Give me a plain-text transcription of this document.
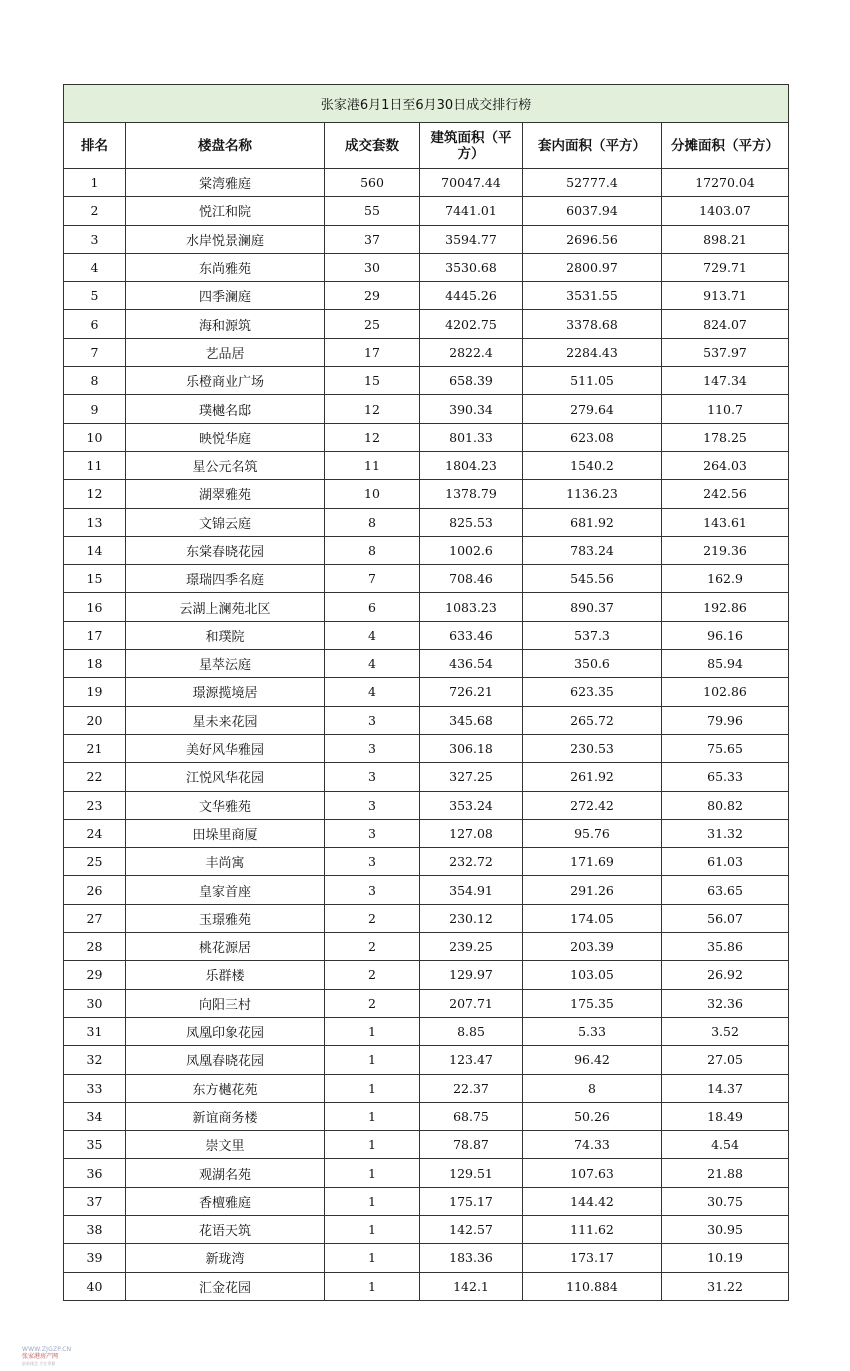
张家港6月1日至6月30日成交排行榜					
排名	楼盘名称	成交套数	建筑面积（平方）	套内面积（平方）	分摊面积（平方）
1	棠湾雅庭	560	70047.44	52777.4	17270.04
2	悦江和院	55	7441.01	6037.94	1403.07
3	水岸悦景澜庭	37	3594.77	2696.56	898.21
4	东尚雅苑	30	3530.68	2800.97	729.71
5	四季澜庭	29	4445.26	3531.55	913.71
6	海和源筑	25	4202.75	3378.68	824.07
7	艺品居	17	2822.4	2284.43	537.97
8	乐橙商业广场	15	658.39	511.05	147.34
9	璞樾名邸	12	390.34	279.64	110.7
10	映悦华庭	12	801.33	623.08	178.25
11	星公元名筑	11	1804.23	1540.2	264.03
12	湖翠雅苑	10	1378.79	1136.23	242.56
13	文锦云庭	8	825.53	681.92	143.61
14	东棠春晓花园	8	1002.6	783.24	219.36
15	璟瑞四季名庭	7	708.46	545.56	162.9
16	云湖上澜苑北区	6	1083.23	890.37	192.86
17	和璞院	4	633.46	537.3	96.16
18	星萃沄庭	4	436.54	350.6	85.94
19	璟源揽境居	4	726.21	623.35	102.86
20	星未来花园	3	345.68	265.72	79.96
21	美好风华雅园	3	306.18	230.53	75.65
22	江悦风华花园	3	327.25	261.92	65.33
23	文华雅苑	3	353.24	272.42	80.82
24	田垛里商厦	3	127.08	95.76	31.32
25	丰尚寓	3	232.72	171.69	61.03
26	皇家首座	3	354.91	291.26	63.65
27	玉璟雅苑	2	230.12	174.05	56.07
28	桃花源居	2	239.25	203.39	35.86
29	乐群楼	2	129.97	103.05	26.92
30	向阳三村	2	207.71	175.35	32.36
31	凤凰印象花园	1	8.85	5.33	3.52
32	凤凰春晓花园	1	123.47	96.42	27.05
33	东方樾花苑	1	22.37	8	14.37
34	新谊商务楼	1	68.75	50.26	18.49
35	崇文里	1	78.87	74.33	4.54
36	观湖名苑	1	129.51	107.63	21.88
37	香檀雅庭	1	175.17	144.42	30.75
38	花语天筑	1	142.57	111.62	30.95
39	新珑湾	1	183.36	173.17	10.19
40	汇金花园	1	142.1	110.884	31.22
WWW.ZJGZP.CN
张家港房产网
最新楼盘 尽在掌握
